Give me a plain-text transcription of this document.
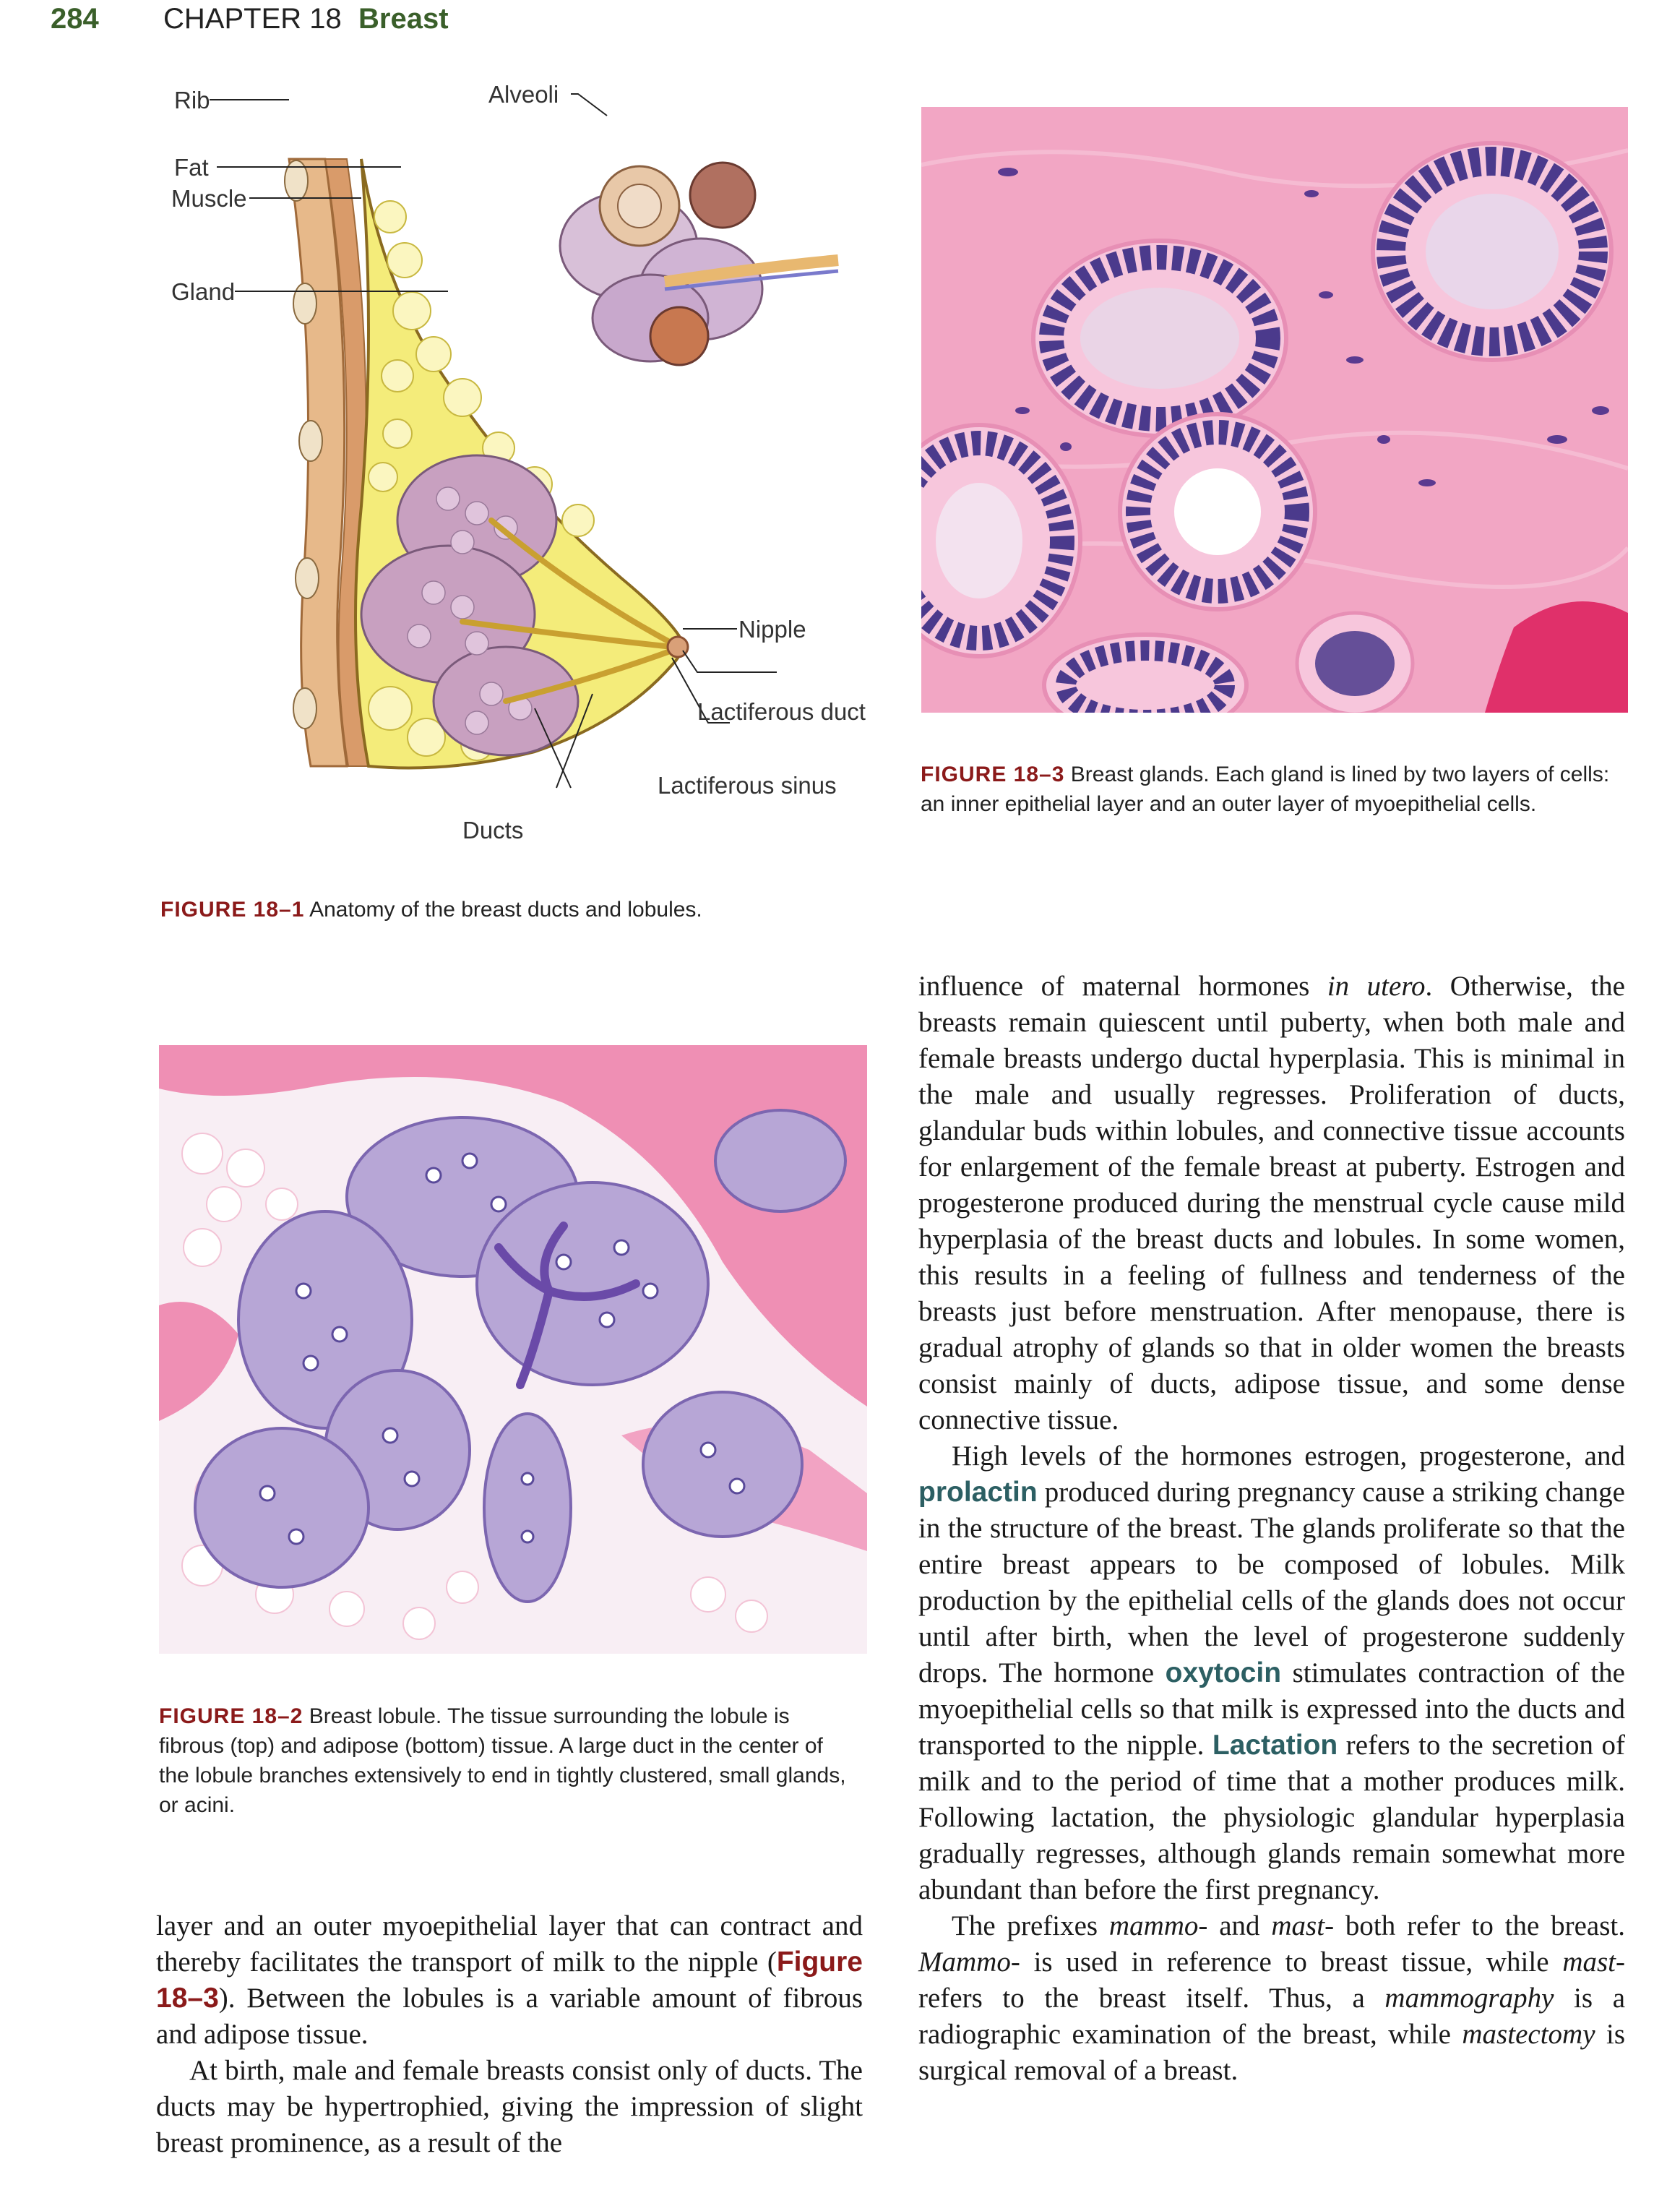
284 CHAPTER 18 Breast
Rib
Fat
Muscle
Gland
Alveoli
Nipple
Lactiferous duct
Lactiferous sinus
Ducts
FIGURE 18–1 Anatomy of the breast ducts and lobules.
FIGURE 18–3 Breast glands. Each gland is lined by two layers of cells: an inner epithelial layer and an outer layer of myoepithelial cells.
FIGURE 18–2 Breast lobule. The tissue surrounding the lobule is fibrous (top) and adipose (bottom) tissue. A large duct in the center of the lobule branches extensively to end in tightly clustered, small glands, or acini.

layer and an outer myoepithelial layer that can contract and thereby facilitates the transport of milk to the nipple (Figure 18–3). Between the lobules is a variable amount of fibrous and adipose tissue.

At birth, male and female breasts consist only of ducts. The ducts may be hypertrophied, giving the impression of slight breast prominence, as a result of the

influence of maternal hormones in utero. Otherwise, the breasts remain quiescent until puberty, when both male and female breasts undergo ductal hyperplasia. This is minimal in the male and usually regresses. Proliferation of ducts, glandular buds within lobules, and connective tissue accounts for enlargement of the female breast at puberty. Estrogen and progesterone produced during the menstrual cycle cause mild hyperplasia of the breast ducts and lobules. In some women, this results in a feeling of fullness and tenderness of the breasts just before menstruation. After menopause, there is gradual atrophy of glands so that in older women the breasts consist mainly of ducts, adipose tissue, and some dense connective tissue.

High levels of the hormones estrogen, progesterone, and prolactin produced during pregnancy cause a striking change in the structure of the breast. The glands proliferate so that the entire breast appears to be composed of lobules. Milk production by the epithelial cells of the glands does not occur until after birth, when the level of progesterone suddenly drops. The hormone oxytocin stimulates contraction of the myoepithelial cells so that milk is expressed into the ducts and transported to the nipple. Lactation refers to the secretion of milk and to the period of time that a mother produces milk. Following lactation, the physiologic glandular hyperplasia gradually regresses, although glands remain somewhat more abundant than before the first pregnancy.

The prefixes mammo- and mast- both refer to the breast. Mammo- is used in reference to breast tissue, while mast- refers to the breast itself. Thus, a mammography is a radiographic examination of the breast, while mastectomy is surgical removal of a breast.
